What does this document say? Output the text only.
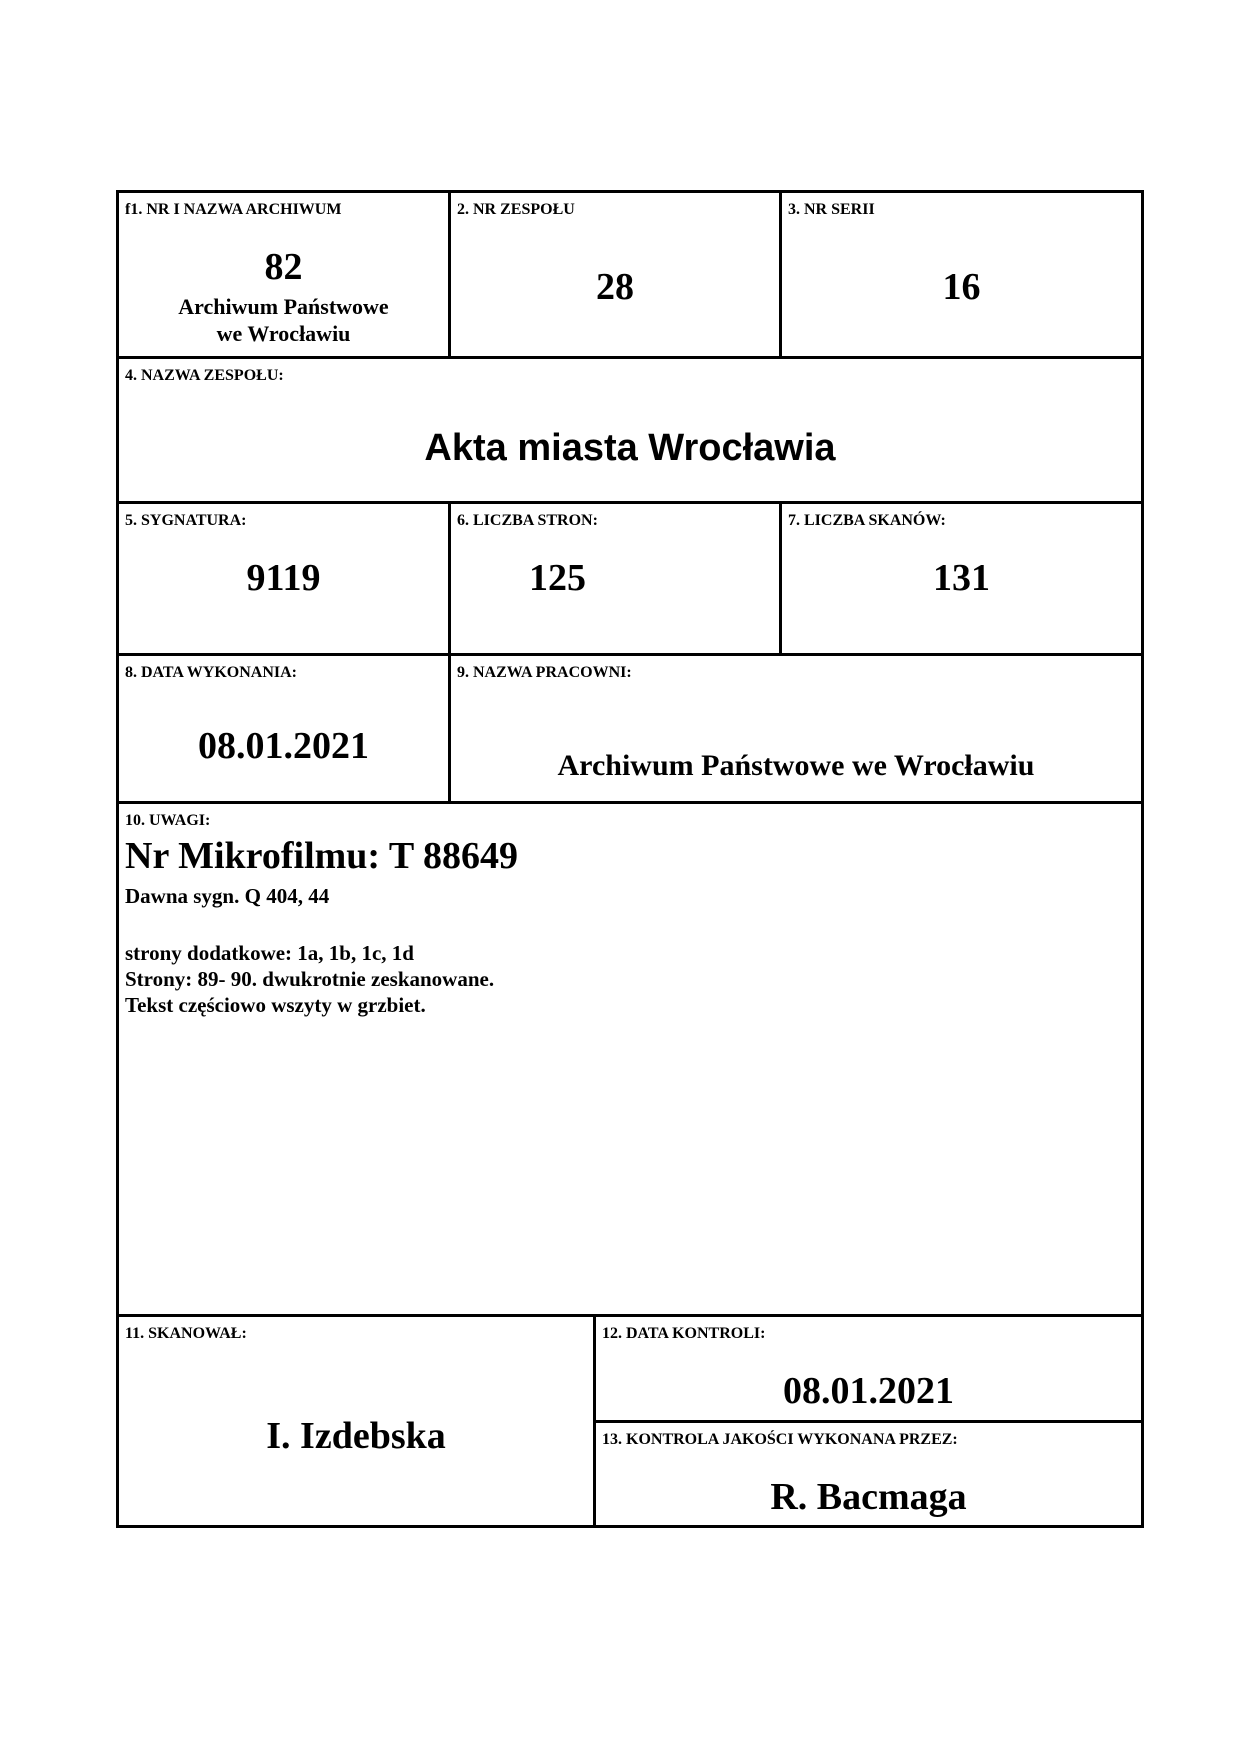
f1. NR I NAZWA ARCHIWUM
82
Archiwum Państwowe
we Wrocławiu
2. NR ZESPOŁU
28
3. NR SERII
16
4. NAZWA ZESPOŁU:
Akta miasta Wrocławia
5. SYGNATURA:
9119
6. LICZBA STRON:
125
7. LICZBA SKANÓW:
131
8. DATA WYKONANIA:
08.01.2021
9. NAZWA PRACOWNI:
Archiwum Państwowe we Wrocławiu
10. UWAGI:
Nr Mikrofilmu: T 88649
Dawna sygn. Q 404, 44
strony dodatkowe: 1a, 1b, 1c, 1d
Strony: 89- 90. dwukrotnie zeskanowane.
Tekst częściowo wszyty w grzbiet.
11. SKANOWAŁ:
I. Izdebska
12. DATA KONTROLI:
08.01.2021
13. KONTROLA JAKOŚCI WYKONANA PRZEZ:
R. Bacmaga
